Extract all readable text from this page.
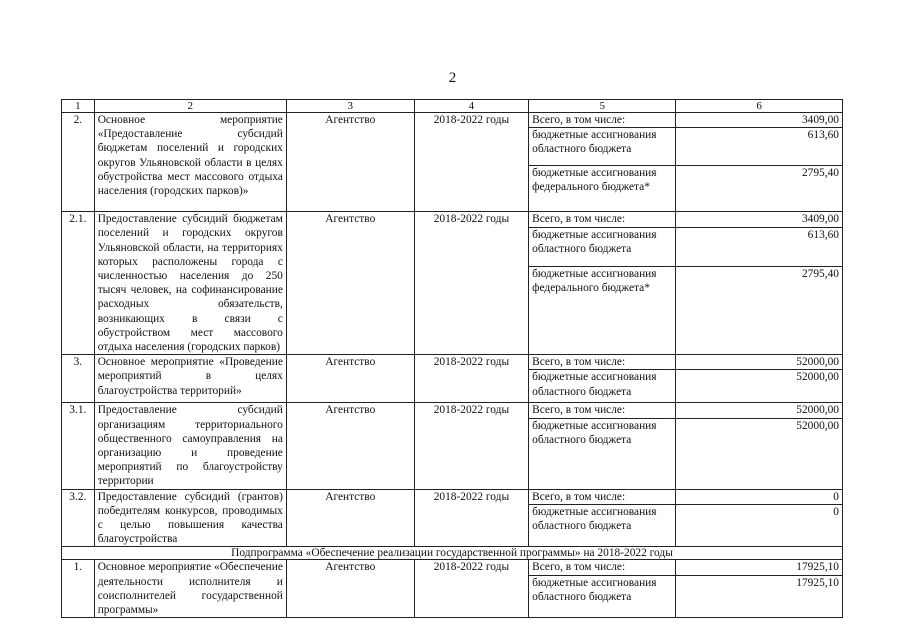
2
1	2	3	4	5	6
2.	Основное мероприятие «Предоставление субсидий бюджетам поселений и городских округов Ульяновской области в целях обустройства мест массового отдыха населения (городских парков)»	Агентство	2018-2022 годы	Всего, в том числе:	3409,00
				бюджетные ассигнования областного бюджета	613,60
				бюджетные ассигнования федерального бюджета*	2795,40
2.1.	Предоставление субсидий бюджетам поселений и городских округов Ульяновской области, на территориях которых расположены города с численностью населения до 250 тысяч человек, на софинансирование расходных обязательств, возникающих в связи с обустройством мест массового отдыха населения (городских парков)	Агентство	2018-2022 годы	Всего, в том числе:	3409,00
				бюджетные ассигнования областного бюджета	613,60
				бюджетные ассигнования федерального бюджета*	2795,40
3.	Основное мероприятие «Проведение мероприятий в целях благоустройства территорий»	Агентство	2018-2022 годы	Всего, в том числе:	52000,00
				бюджетные ассигнования областного бюджета	52000,00
3.1.	Предоставление субсидий организациям территориального общественного самоуправления на организацию и проведение мероприятий по благоустройству территории	Агентство	2018-2022 годы	Всего, в том числе:	52000,00
				бюджетные ассигнования областного бюджета	52000,00
3.2.	Предоставление субсидий (грантов) победителям конкурсов, проводимых с целью повышения качества благоустройства	Агентство	2018-2022 годы	Всего, в том числе:	0
				бюджетные ассигнования областного бюджета	0
Подпрограмма «Обеспечение реализации государственной программы» на 2018-2022 годы					
1.	Основное мероприятие «Обеспечение деятельности исполнителя и соисполнителей государственной программы»	Агентство	2018-2022 годы	Всего, в том числе:	17925,10
				бюджетные ассигнования областного бюджета	17925,10
